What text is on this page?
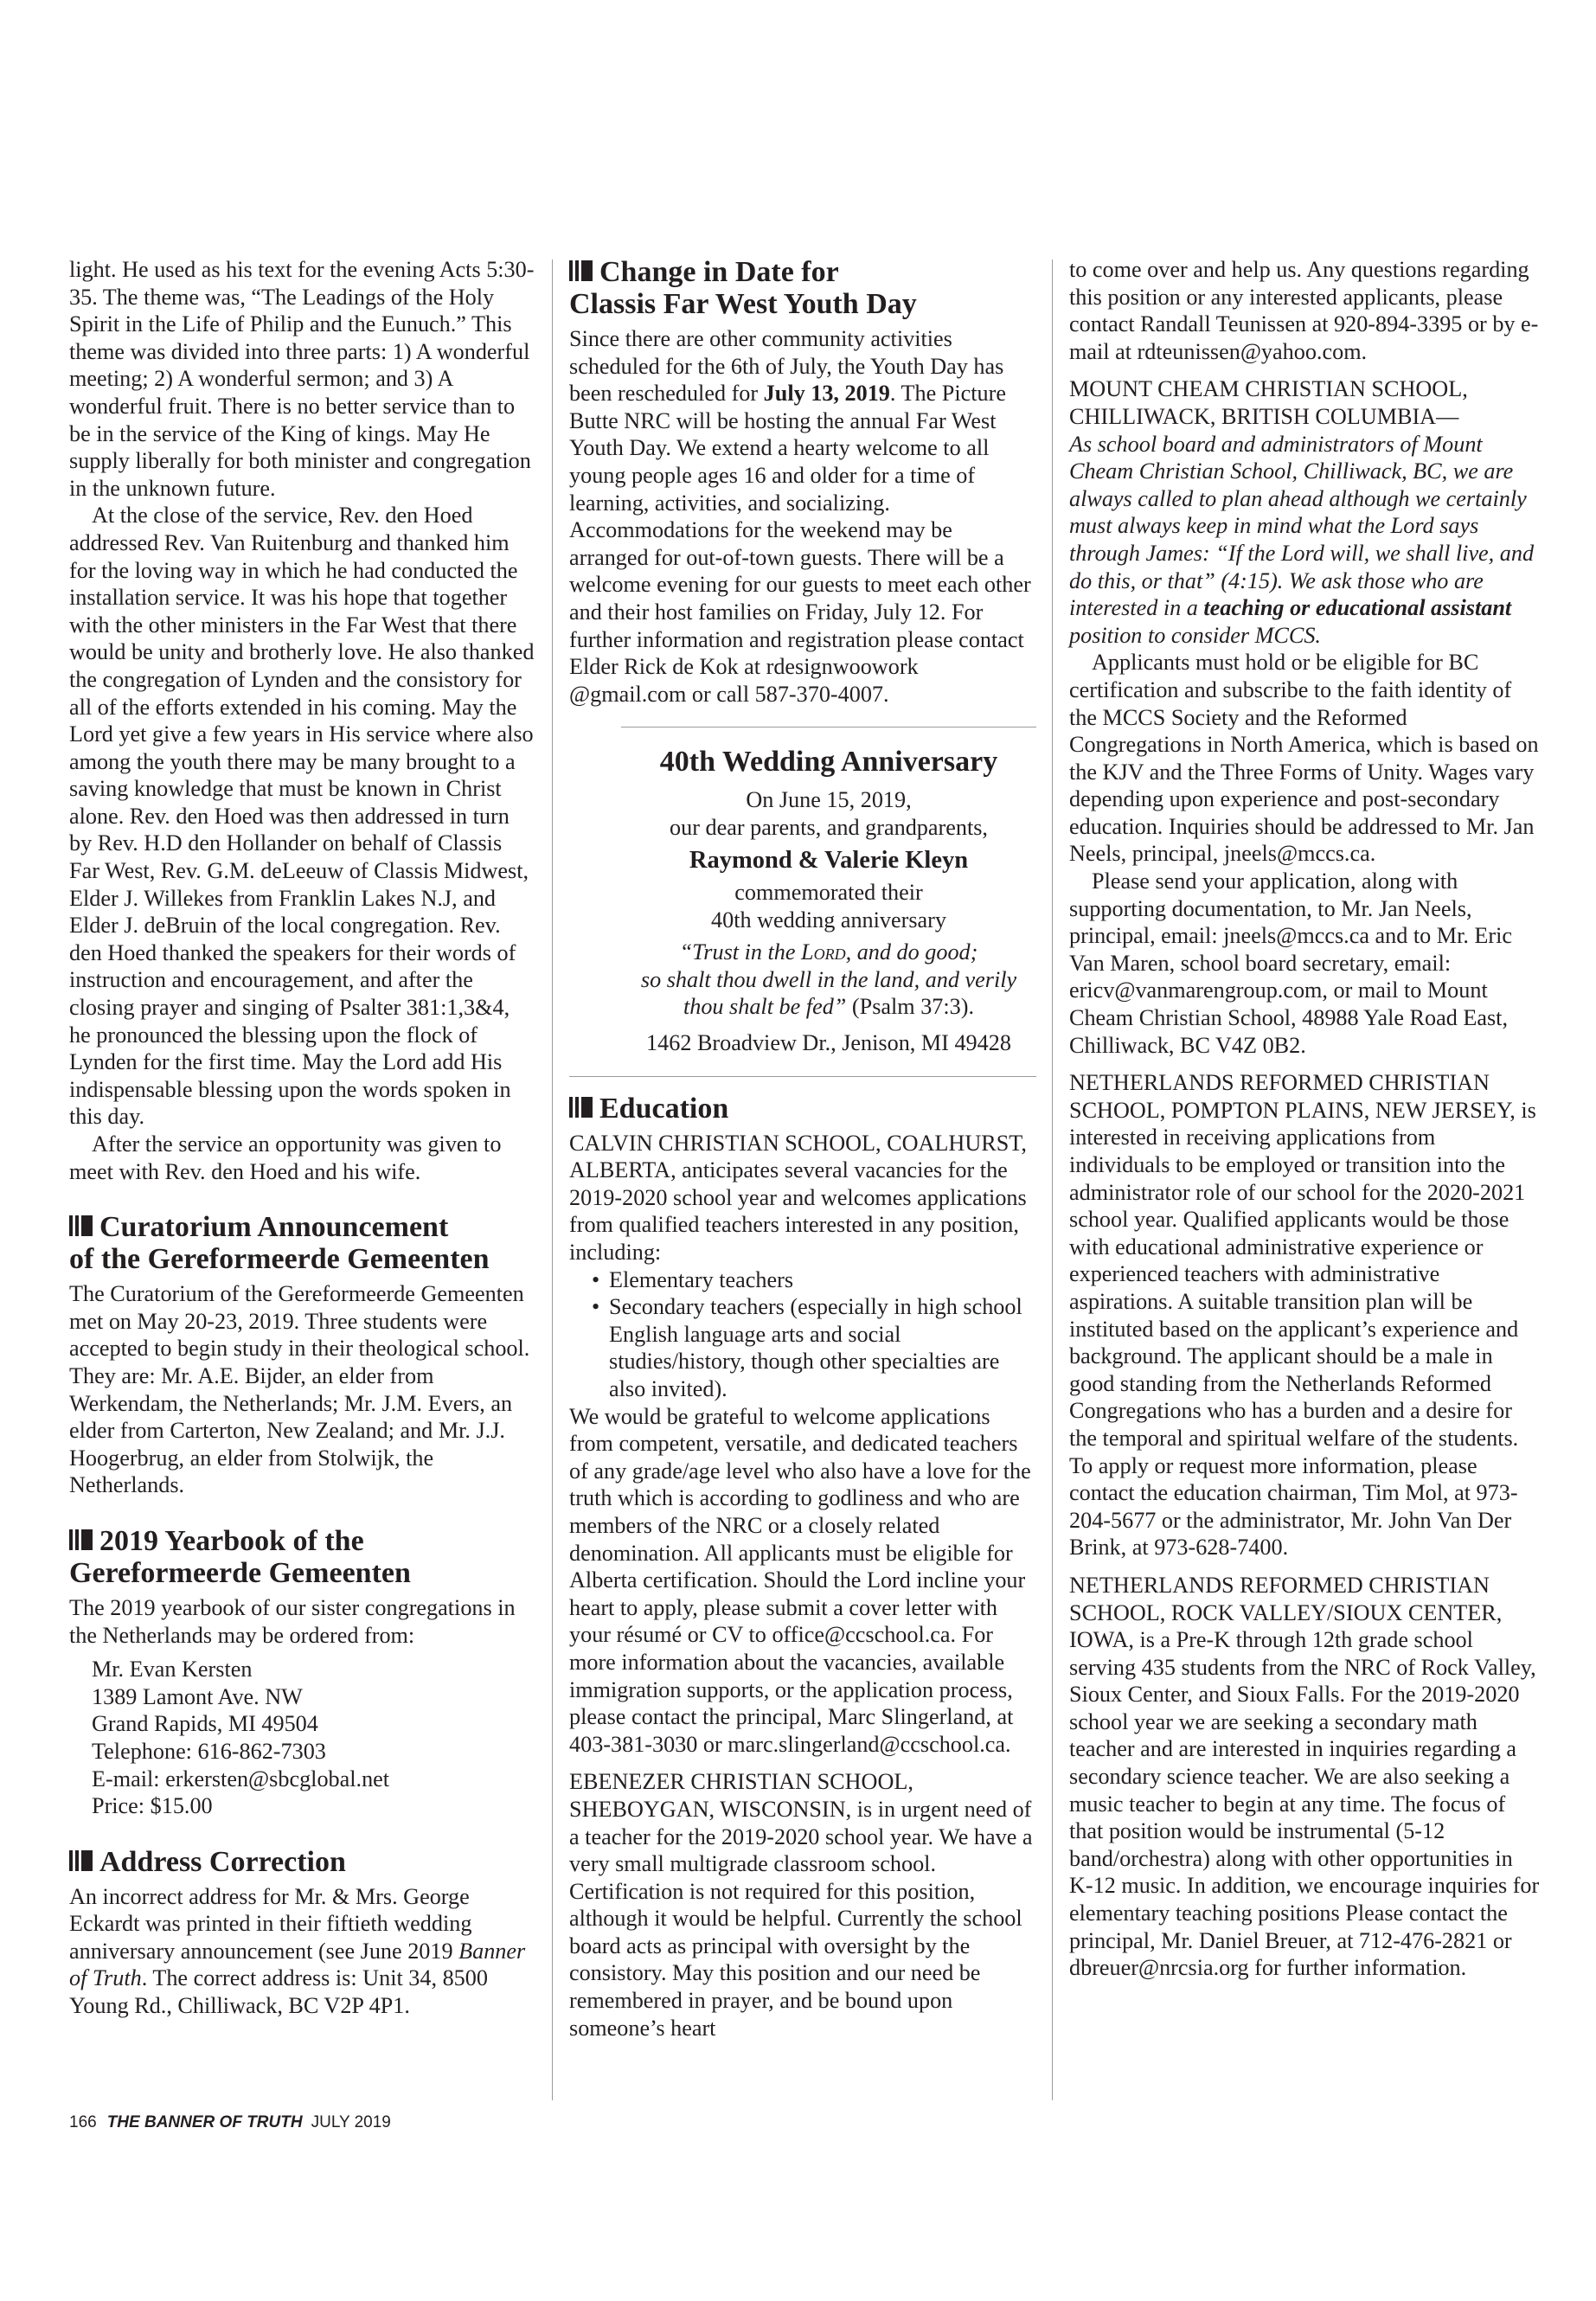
light. He used as his text for the evening Acts 5:30-35. The theme was, “The Leadings of the Holy Spirit in the Life of Philip and the Eunuch.” This theme was divided into three parts: 1) A wonderful meeting; 2) A wonderful sermon; and 3) A wonderful fruit. There is no better service than to be in the service of the King of kings. May He supply liberally for both minister and congregation in the unknown future.

At the close of the service, Rev. den Hoed addressed Rev. Van Ruitenburg and thanked him for the loving way in which he had conducted the installation service. It was his hope that together with the other ministers in the Far West that there would be unity and brotherly love. He also thanked the congregation of Lynden and the consistory for all of the efforts extended in his coming. May the Lord yet give a few years in His service where also among the youth there may be many brought to a saving knowledge that must be known in Christ alone. Rev. den Hoed was then addressed in turn by Rev. H.D den Hollander on behalf of Classis Far West, Rev. G.M. deLeeuw of Classis Midwest, Elder J. Willekes from Franklin Lakes N.J, and Elder J. deBruin of the local congregation. Rev. den Hoed thanked the speakers for their words of instruction and encouragement, and after the closing prayer and singing of Psalter 381:1,3&4, he pronounced the blessing upon the flock of Lynden for the first time. May the Lord add His indispensable blessing upon the words spoken in this day.

After the service an opportunity was given to meet with Rev. den Hoed and his wife.

Curatorium Announcement
of the Gereformeerde Gemeenten

The Curatorium of the Gereformeerde Gemeenten met on May 20-23, 2019. Three students were accepted to begin study in their theological school. They are: Mr. A.E. Bijder, an elder from Werkendam, the Netherlands; Mr. J.M. Evers, an elder from Carterton, New Zealand; and Mr. J.J. Hoogerbrug, an elder from Stolwijk, the Netherlands.

2019 Yearbook of the
Gereformeerde Gemeenten

The 2019 yearbook of our sister congregations in the Netherlands may be ordered from:

Mr. Evan Kersten
1389 Lamont Ave. NW
Grand Rapids, MI 49504
Telephone: 616-862-7303
E-mail: erkersten@sbcglobal.net
Price: $15.00
Address Correction

An incorrect address for Mr. & Mrs. George Eckardt was printed in their fiftieth wedding anniversary announcement (see June 2019 Banner of Truth. The correct address is: Unit 34, 8500 Young Rd., Chilliwack, BC V2P 4P1.

Change in Date for
Classis Far West Youth Day

Since there are other community activities scheduled for the 6th of July, the Youth Day has been rescheduled for July 13, 2019. The Picture Butte NRC will be hosting the annual Far West Youth Day. We extend a hearty welcome to all young people ages 16 and older for a time of learning, activities, and socializing. Accommodations for the weekend may be arranged for out-of-town guests. There will be a welcome evening for our guests to meet each other and their host families on Friday, July 12. For further information and registration please contact Elder Rick de Kok at rdesignwoowork @gmail.com or call 587-370-4007.

40th Wedding Anniversary
On June 15, 2019,
our dear parents, and grandparents,
Raymond & Valerie Kleyn
commemorated their
40th wedding anniversary
“Trust in the Lord, and do good;
so shalt thou dwell in the land, and verily
thou shalt be fed” (Psalm 37:3).
1462 Broadview Dr., Jenison, MI 49428
Education

CALVIN CHRISTIAN SCHOOL, COALHURST, ALBERTA, anticipates several vacancies for the 2019-2020 school year and welcomes applications from qualified teachers interested in any position, including:

• Elementary teachers
• Secondary teachers (especially in high school English language arts and social studies/history, though other specialties are also invited).

We would be grateful to welcome applications from competent, versatile, and dedicated teachers of any grade/age level who also have a love for the truth which is according to godliness and who are members of the NRC or a closely related denomination. All applicants must be eligible for Alberta certification. Should the Lord incline your heart to apply, please submit a cover letter with your résumé or CV to office@ccschool.ca. For more information about the vacancies, available immigration supports, or the application process, please contact the principal, Marc Slingerland, at 403-381-3030 or marc.slingerland@ccschool.ca.

EBENEZER CHRISTIAN SCHOOL, SHEBOYGAN, WISCONSIN, is in urgent need of a teacher for the 2019-2020 school year. We have a very small multigrade classroom school. Certification is not required for this position, although it would be helpful. Currently the school board acts as principal with oversight by the consistory. May this position and our need be remembered in prayer, and be bound upon someone’s heart

to come over and help us. Any questions regarding this position or any interested applicants, please contact Randall Teunissen at 920-894-3395 or by e-mail at rdteunissen@yahoo.com.

MOUNT CHEAM CHRISTIAN SCHOOL, CHILLIWACK, BRITISH COLUMBIA—

As school board and administrators of Mount Cheam Christian School, Chilliwack, BC, we are always called to plan ahead although we certainly must always keep in mind what the Lord says through James: “If the Lord will, we shall live, and do this, or that” (4:15). We ask those who are interested in a teaching or educational assistant position to consider MCCS.

Applicants must hold or be eligible for BC certification and subscribe to the faith identity of the MCCS Society and the Reformed Congregations in North America, which is based on the KJV and the Three Forms of Unity. Wages vary depending upon experience and post-secondary education. Inquiries should be addressed to Mr. Jan Neels, principal, jneels@mccs.ca.

Please send your application, along with supporting documentation, to Mr. Jan Neels, principal, email: jneels@mccs.ca and to Mr. Eric Van Maren, school board secretary, email: ericv@vanmarengroup.com, or mail to Mount Cheam Christian School, 48988 Yale Road East, Chilliwack, BC V4Z 0B2.

NETHERLANDS REFORMED CHRISTIAN SCHOOL, POMPTON PLAINS, NEW JERSEY, is interested in receiving applications from individuals to be employed or transition into the administrator role of our school for the 2020-2021 school year. Qualified applicants would be those with educational administrative experience or experienced teachers with administrative aspirations. A suitable transition plan will be instituted based on the applicant’s experience and background. The applicant should be a male in good standing from the Netherlands Reformed Congregations who has a burden and a desire for the temporal and spiritual welfare of the students. To apply or request more information, please contact the education chairman, Tim Mol, at 973-204-5677 or the administrator, Mr. John Van Der Brink, at 973-628-7400.

NETHERLANDS REFORMED CHRISTIAN SCHOOL, ROCK VALLEY/SIOUX CENTER, IOWA, is a Pre-K through 12th grade school serving 435 students from the NRC of Rock Valley, Sioux Center, and Sioux Falls. For the 2019-2020 school year we are seeking a secondary math teacher and are interested in inquiries regarding a secondary science teacher. We are also seeking a music teacher to begin at any time. The focus of that position would be instrumental (5-12 band/orchestra) along with other opportunities in K-12 music. In addition, we encourage inquiries for elementary teaching positions Please contact the principal, Mr. Daniel Breuer, at 712-476-2821 or dbreuer@nrcsia.org for further information.

166 THE BANNER OF TRUTH JULY 2019
